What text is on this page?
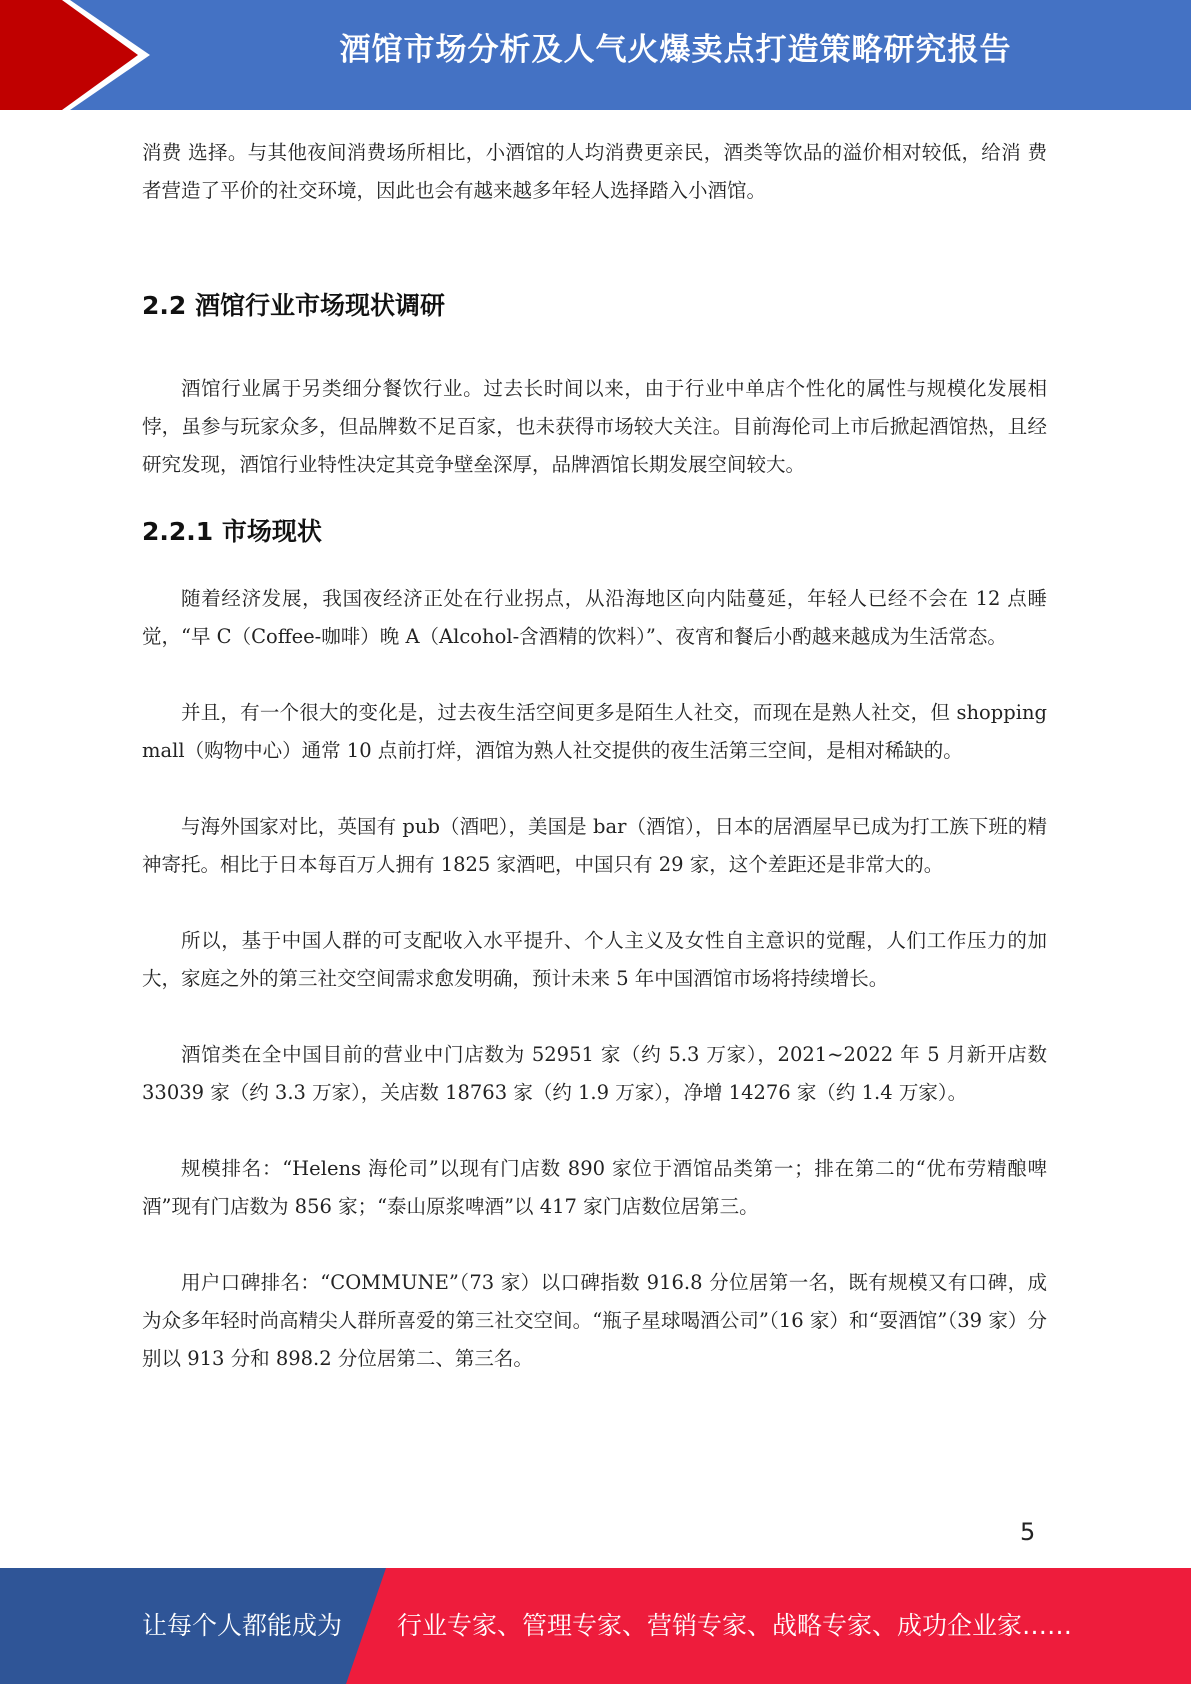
酒馆市场分析及人气火爆卖点打造策略研究报告

消费 选择。与其他夜间消费场所相比，小酒馆的人均消费更亲民，酒类等饮品的溢价相对较低，给消 费者营造了平价的社交环境，因此也会有越来越多年轻人选择踏入小酒馆。

2.2 酒馆行业市场现状调研

酒馆行业属于另类细分餐饮行业。过去长时间以来，由于行业中单店个性化的属性与规模化发展相悖，虽参与玩家众多，但品牌数不足百家，也未获得市场较大关注。目前海伦司上市后掀起酒馆热，且经研究发现，酒馆行业特性决定其竞争壁垒深厚，品牌酒馆长期发展空间较大。

2.2.1 市场现状

随着经济发展，我国夜经济正处在行业拐点，从沿海地区向内陆蔓延，年轻人已经不会在 12 点睡觉，“早 C（Coffee-咖啡）晚 A（Alcohol-含酒精的饮料）”、夜宵和餐后小酌越来越成为生活常态。

并且，有一个很大的变化是，过去夜生活空间更多是陌生人社交，而现在是熟人社交，但 shopping mall（购物中心）通常 10 点前打烊，酒馆为熟人社交提供的夜生活第三空间，是相对稀缺的。

与海外国家对比，英国有 pub（酒吧），美国是 bar（酒馆），日本的居酒屋早已成为打工族下班的精神寄托。相比于日本每百万人拥有 1825 家酒吧，中国只有 29 家，这个差距还是非常大的。

所以，基于中国人群的可支配收入水平提升、个人主义及女性自主意识的觉醒，人们工作压力的加大，家庭之外的第三社交空间需求愈发明确，预计未来 5 年中国酒馆市场将持续增长。

酒馆类在全中国目前的营业中门店数为 52951 家（约 5.3 万家），2021~2022 年 5 月新开店数 33039 家（约 3.3 万家），关店数 18763 家（约 1.9 万家），净增 14276 家（约 1.4 万家）。

规模排名：“Helens 海伦司”以现有门店数 890 家位于酒馆品类第一；排在第二的“优布劳精酿啤酒”现有门店数为 856 家；“泰山原浆啤酒”以 417 家门店数位居第三。

用户口碑排名：“COMMUNE”（73 家）以口碑指数 916.8 分位居第一名，既有规模又有口碑，成为众多年轻时尚高精尖人群所喜爱的第三社交空间。“瓶子星球喝酒公司”（16 家）和“耍酒馆”（39 家）分别以 913 分和 898.2 分位居第二、第三名。

5
让每个人都能成为 行业专家、管理专家、营销专家、战略专家、成功企业家……
